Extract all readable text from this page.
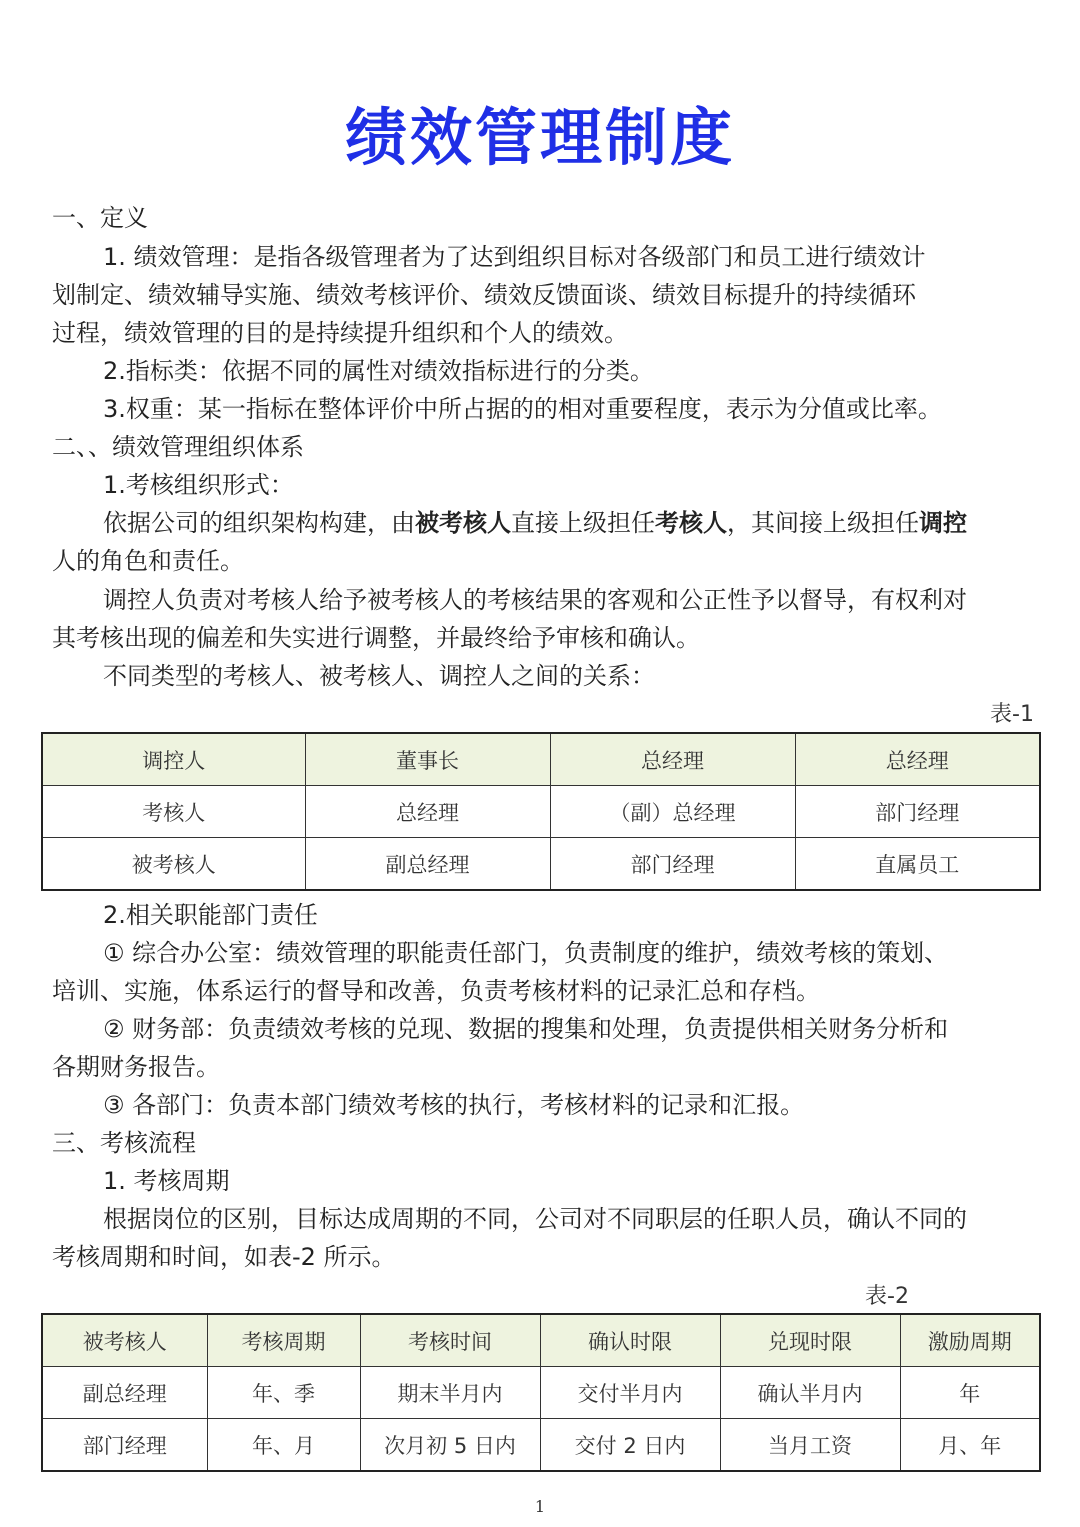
绩效管理制度
一、定义
1. 绩效管理：是指各级管理者为了达到组织目标对各级部门和员工进行绩效计
划制定、绩效辅导实施、绩效考核评价、绩效反馈面谈、绩效目标提升的持续循环
过程，绩效管理的目的是持续提升组织和个人的绩效。
2.指标类：依据不同的属性对绩效指标进行的分类。
3.权重：某一指标在整体评价中所占据的的相对重要程度，表示为分值或比率。
二、、绩效管理组织体系
1.考核组织形式：
依据公司的组织架构构建，由被考核人直接上级担任考核人，其间接上级担任调控
人的角色和责任。
调控人负责对考核人给予被考核人的考核结果的客观和公正性予以督导，有权利对
其考核出现的偏差和失实进行调整，并最终给予审核和确认。
不同类型的考核人、被考核人、调控人之间的关系：
表-1
调控人	董事长	总经理	总经理
考核人	总经理	（副）总经理	部门经理
被考核人	副总经理	部门经理	直属员工
2.相关职能部门责任
① 综合办公室：绩效管理的职能责任部门，负责制度的维护，绩效考核的策划、
培训、实施，体系运行的督导和改善，负责考核材料的记录汇总和存档。
② 财务部：负责绩效考核的兑现、数据的搜集和处理，负责提供相关财务分析和
各期财务报告。
③ 各部门：负责本部门绩效考核的执行，考核材料的记录和汇报。
三、考核流程
1. 考核周期
根据岗位的区别，目标达成周期的不同，公司对不同职层的任职人员，确认不同的
考核周期和时间，如表-2 所示。
表-2
被考核人	考核周期	考核时间	确认时限	兑现时限	激励周期
副总经理	年、季	期末半月内	交付半月内	确认半月内	年
部门经理	年、月	次月初 5 日内	交付 2 日内	当月工资	月、年
1
